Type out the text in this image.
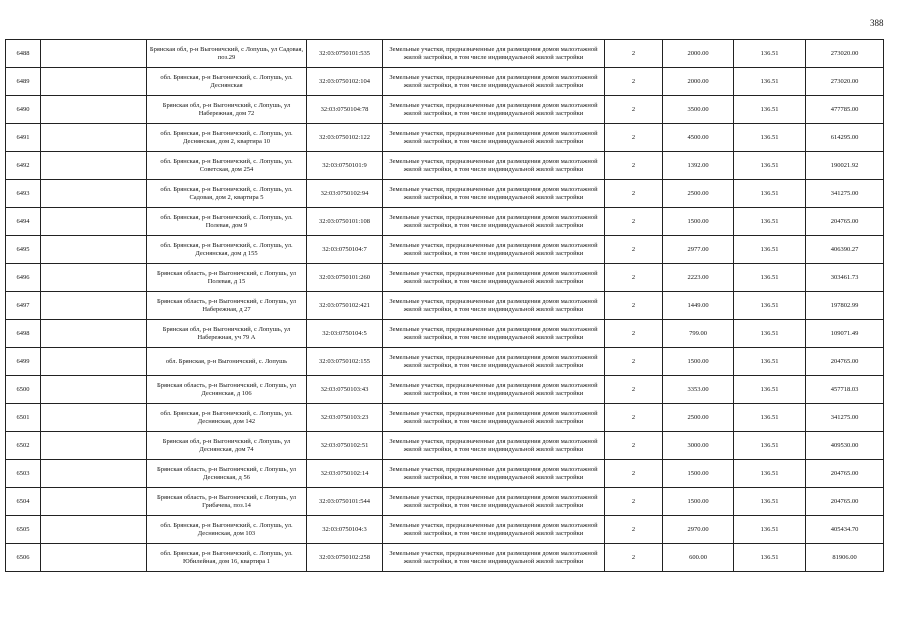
388
6488		Брянская обл, р-н Выгоничский, с Лопушь, ул Садовая, поз.29	32:03:0750101:535	Земельные участки, предназначенные для размещения домов малоэтажной жилой застройки, в том числе индивидуальной жилой застройки	2	2000.00	136.51	273020.00
6489		обл. Брянская, р-н Выгоничский, с. Лопушь, ул. Деснянская	32:03:0750102:104	Земельные участки, предназначенные для размещения домов малоэтажной жилой застройки, в том числе индивидуальной жилой застройки	2	2000.00	136.51	273020.00
6490		Брянская обл, р-н Выгоничский, с Лопушь, ул Набережная, дом 72	32:03:0750104:78	Земельные участки, предназначенные для размещения домов малоэтажной жилой застройки, в том числе индивидуальной жилой застройки	2	3500.00	136.51	477785.00
6491		обл. Брянская, р-н Выгоничский, с. Лопушь, ул. Деснянская, дом 2, квартира 10	32:03:0750102:122	Земельные участки, предназначенные для размещения домов малоэтажной жилой застройки, в том числе индивидуальной жилой застройки	2	4500.00	136.51	614295.00
6492		обл. Брянская, р-н Выгоничский, с. Лопушь, ул. Советская, дом 254	32:03:0750101:9	Земельные участки, предназначенные для размещения домов малоэтажной жилой застройки, в том числе индивидуальной жилой застройки	2	1392.00	136.51	190021.92
6493		обл. Брянская, р-н Выгоничский, с. Лопушь, ул. Садовая, дом 2, квартира 5	32:03:0750102:94	Земельные участки, предназначенные для размещения домов малоэтажной жилой застройки, в том числе индивидуальной жилой застройки	2	2500.00	136.51	341275.00
6494		обл. Брянская, р-н Выгоничский, с. Лопушь, ул. Полевая, дом 9	32:03:0750101:108	Земельные участки, предназначенные для размещения домов малоэтажной жилой застройки, в том числе индивидуальной жилой застройки	2	1500.00	136.51	204765.00
6495		обл. Брянская, р-н Выгоничский, с. Лопушь, ул. Деснянская, дом д 155	32:03:0750104:7	Земельные участки, предназначенные для размещения домов малоэтажной жилой застройки, в том числе индивидуальной жилой застройки	2	2977.00	136.51	406390.27
6496		Брянская область, р-н Выгоничский, с Лопушь, ул Полевая, д 15	32:03:0750101:260	Земельные участки, предназначенные для размещения домов малоэтажной жилой застройки, в том числе индивидуальной жилой застройки	2	2223.00	136.51	303461.73
6497		Брянская область, р-н Выгоничский, с Лопушь, ул Набережная, д 27	32:03:0750102:421	Земельные участки, предназначенные для размещения домов малоэтажной жилой застройки, в том числе индивидуальной жилой застройки	2	1449.00	136.51	197802.99
6498		Брянская обл, р-н Выгоничский, с Лопушь, ул Набережная, уч 79 А	32:03:0750104:5	Земельные участки, предназначенные для размещения домов малоэтажной жилой застройки, в том числе индивидуальной жилой застройки	2	799.00	136.51	109071.49
6499		обл. Брянская, р-н Выгоничский, с. Лопушь	32:03:0750102:155	Земельные участки, предназначенные для размещения домов малоэтажной жилой застройки, в том числе индивидуальной жилой застройки	2	1500.00	136.51	204765.00
6500		Брянская область, р-н Выгоничский, с Лопушь, ул Деснянская, д 106	32:03:0750103:43	Земельные участки, предназначенные для размещения домов малоэтажной жилой застройки, в том числе индивидуальной жилой застройки	2	3353.00	136.51	457718.03
6501		обл. Брянская, р-н Выгоничский, с. Лопушь, ул. Деснянская, дом 142	32:03:0750103:23	Земельные участки, предназначенные для размещения домов малоэтажной жилой застройки, в том числе индивидуальной жилой застройки	2	2500.00	136.51	341275.00
6502		Брянская обл, р-н Выгоничский, с Лопушь, ул Деснянская, дом 74	32:03:0750102:51	Земельные участки, предназначенные для размещения домов малоэтажной жилой застройки, в том числе индивидуальной жилой застройки	2	3000.00	136.51	409530.00
6503		Брянская область, р-н Выгоничский, с Лопушь, ул Деснянская, д 56	32:03:0750102:14	Земельные участки, предназначенные для размещения домов малоэтажной жилой застройки, в том числе индивидуальной жилой застройки	2	1500.00	136.51	204765.00
6504		Брянская область, р-н Выгоничский, с Лопушь, ул Грибачева, поз.14	32:03:0750101:544	Земельные участки, предназначенные для размещения домов малоэтажной жилой застройки, в том числе индивидуальной жилой застройки	2	1500.00	136.51	204765.00
6505		обл. Брянская, р-н Выгоничский, с. Лопушь, ул. Деснянская, дом 103	32:03:0750104:3	Земельные участки, предназначенные для размещения домов малоэтажной жилой застройки, в том числе индивидуальной жилой застройки	2	2970.00	136.51	405434.70
6506		обл. Брянская, р-н Выгоничский, с. Лопушь, ул. Юбилейная, дом 16, квартира 1	32:03:0750102:258	Земельные участки, предназначенные для размещения домов малоэтажной жилой застройки, в том числе индивидуальной жилой застройки	2	600.00	136.51	81906.00
